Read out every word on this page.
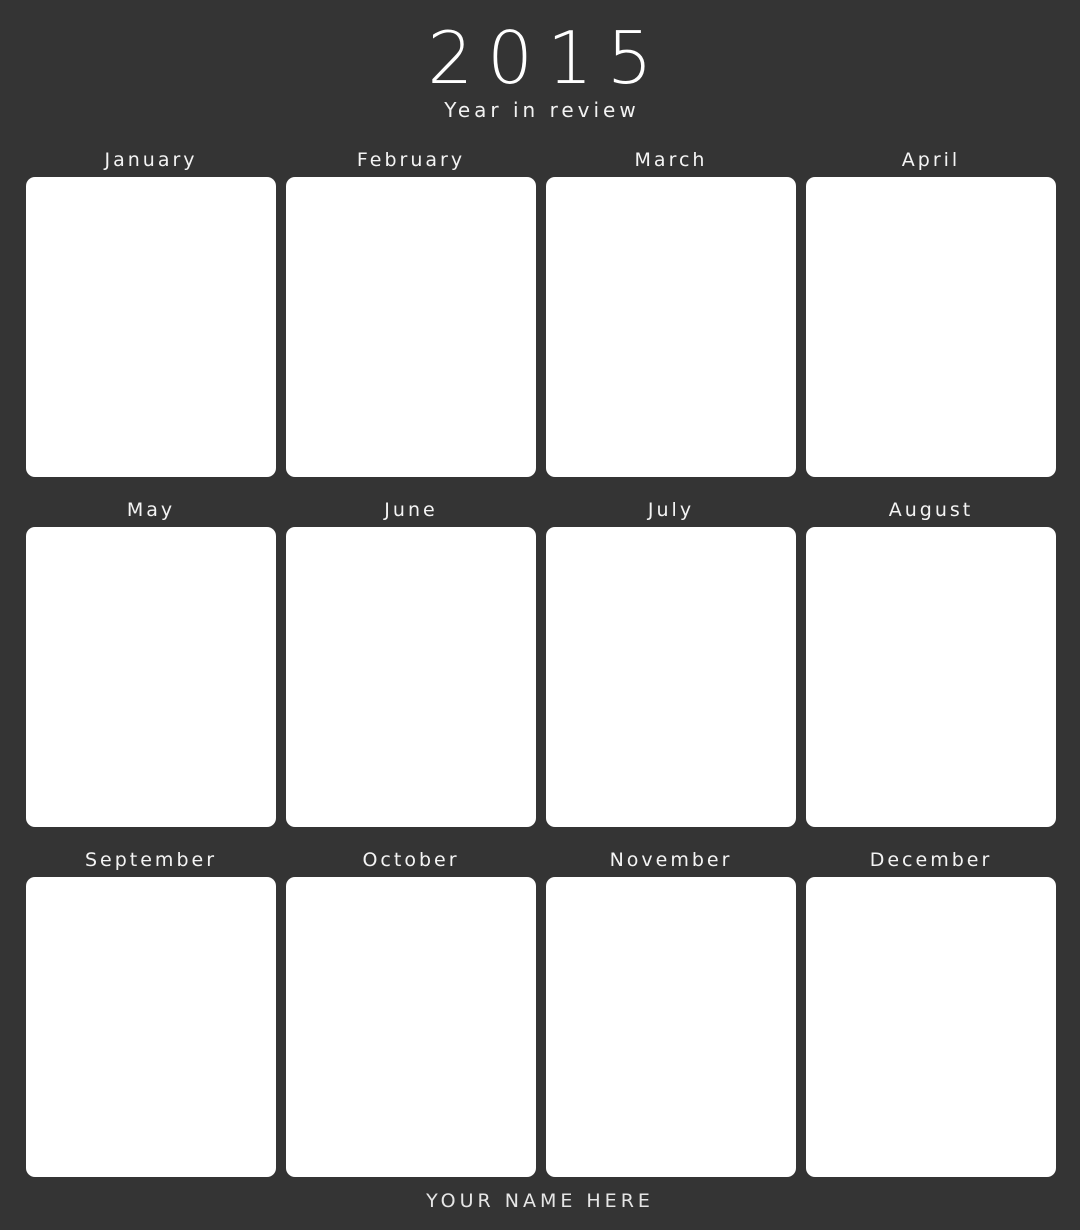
2015
Year in review
January	February	March	April
May	June	July	August
September	October	November	December
YOUR NAME HERE
